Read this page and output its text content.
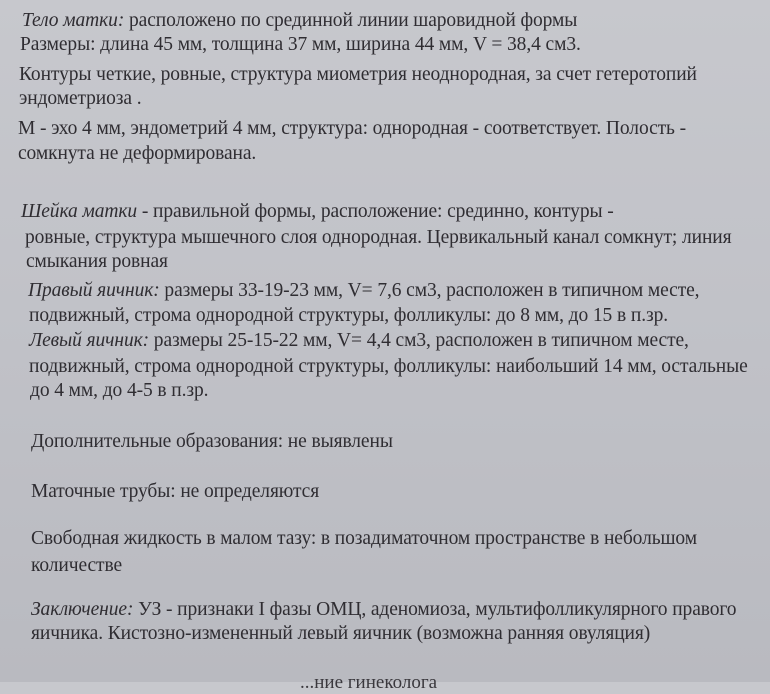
Тело матки: расположено по срединной линии шаровидной формы
Размеры: длина 45 мм, толщина 37 мм, ширина 44 мм, V = 38,4 см3.
Контуры четкие, ровные, структура миометрия неоднородная, за счет гетеротопий
эндометриоза .
М - эхо 4 мм, эндометрий 4 мм, структура: однородная - соответствует. Полость -
сомкнута не деформирована.
Шейка матки - правильной формы, расположение: срединно, контуры -
ровные, структура мышечного слоя однородная. Цервикальный канал сомкнут; линия
смыкания ровная
Правый яичник: размеры 33-19-23 мм, V= 7,6 см3, расположен в типичном месте,
подвижный, строма однородной структуры, фолликулы: до 8 мм, до 15 в п.зр.
Левый яичник: размеры 25-15-22 мм, V= 4,4 см3, расположен в типичном месте,
подвижный, строма однородной структуры, фолликулы: наибольший 14 мм, остальные
до 4 мм, до 4-5 в п.зр.
Дополнительные образования: не выявлены
Маточные трубы: не определяются
Свободная жидкость в малом тазу: в позадиматочном пространстве в небольшом
количестве
Заключение: УЗ - признаки I фазы ОМЦ, аденомиоза, мультифолликулярного правого
яичника. Кистозно-измененный левый яичник (возможна ранняя овуляция)
...ние гинеколога
